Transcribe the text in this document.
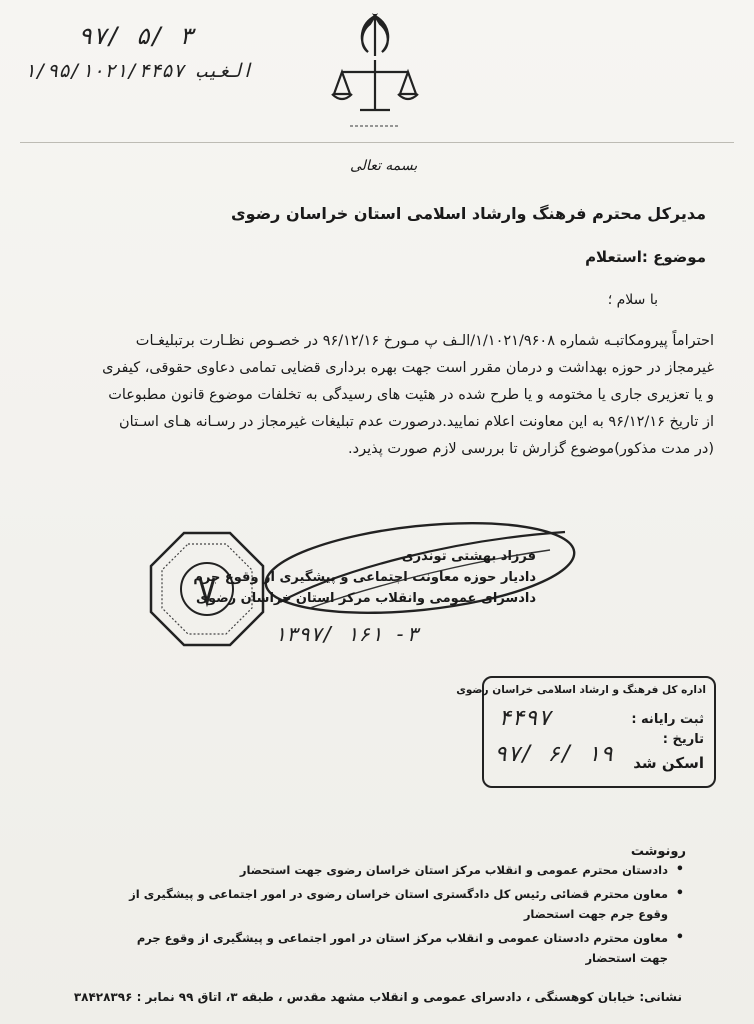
۹۷/ ۵/ ۳
۱/۹۵/۱۰۲۱/۴۴۵۷ الغيب
بسمه تعالی
مدیرکل محترم فرهنگ وارشاد اسلامی استان خراسان رضوی
موضوع :استعلام
با سلام ؛

احتراماً پیرومکاتبـه شماره ۱/۱۰۲۱/۹۶۰۸/الـف پ مـورخ ۹۶/۱۲/۱۶ در خصـوص نظـارت برتبلیغـات

غیرمجاز در حوزه بهداشت و درمان مقرر است جهت بهره برداری قضایی تمامی دعاوی حقوقی، کیفری

و یا تعزیری جاری یا مختومه و یا طرح شده در هئیت های رسیدگی به تخلفات موضوع قانون مطبوعات

از تاریخ ۹۶/۱۲/۱۶ به این معاونت اعلام نمایید.درصورت عدم تبلیغات غیرمجاز در رسـانه هـای اسـتان

(در مدت مذکور)موضوع گزارش تا بررسی لازم صورت پذیرد.

فرزاد بهشتی توندری
دادیار حوزه معاونت اجتماعی و پیشگیری از وقوع جرم
دادسرای عمومی وانقلاب مرکز استان خراسان رضوی
۱۳۹۷/ ۱۶۱ -۳
اداره کل فرهنگ و ارشاد اسلامی خراسان رضوی
ثبت رایانه :
تاریخ :
اسکن شد
۴۴۹۷
۹۷/ ۶/ ۱۹
رونوشت
• دادستان محترم عمومی و انقلاب مرکز استان خراسان رضوی جهت استحضار
• معاون محترم قضائی رئیس کل دادگستری استان خراسان رضوی در امور اجتماعی و پیشگیری از وقوع جرم جهت استحضار
• معاون محترم دادستان عمومی و انقلاب مرکز استان در امور اجتماعی و پیشگیری از وقوع جرم جهت استحضار
نشانی: خیابان کوهسنگی ، دادسرای عمومی و انقلاب مشهد مقدس ، طبقه ۳، اتاق ۹۹ نمابر : ۳۸۴۲۸۳۹۶
